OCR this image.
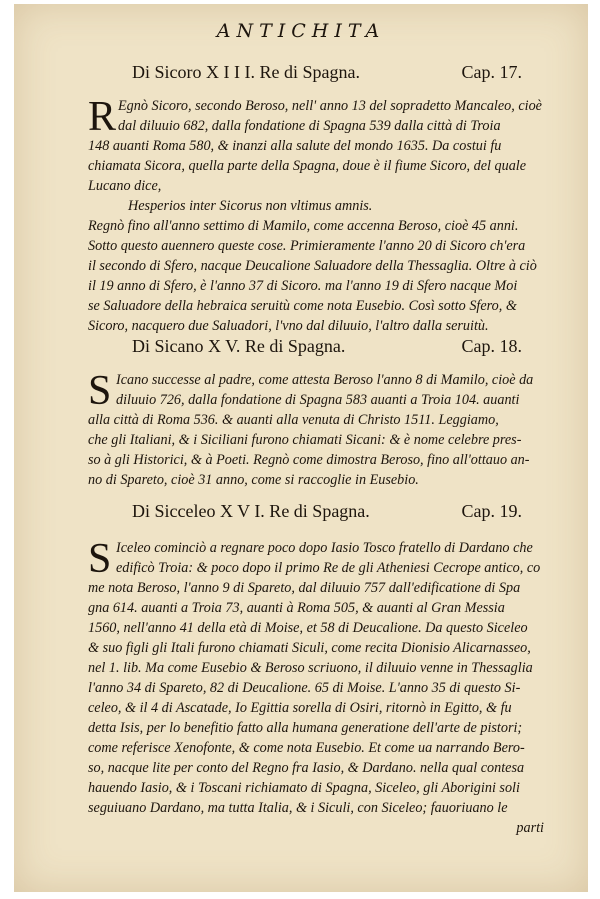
ANTICHITA
Di Sicoro X I I I. Re di Spagna.	Cap. 17.
R Egnò Sicoro, secondo Beroso, nell' anno 13 del sopradetto Mancaleo, cioè
dal diluuio 682, dalla fondatione di Spagna 539 dalla città di Troia
148 auanti Roma 580, & inanzi alla salute del mondo 1635. Da costui fu
chiamata Sicora, quella parte della Spagna, doue è il fiume Sicoro, del quale
Lucano dice,
Hesperios inter Sicorus non vltimus amnis.
Regnò fino all'anno settimo di Mamilo, come accenna Beroso, cioè 45 anni.
Sotto questo auennero queste cose. Primieramente l'anno 20 di Sicoro ch'era
il secondo di Sfero, nacque Deucalione Saluadore della Thessaglia. Oltre à ciò
il 19 anno di Sfero, è l'anno 37 di Sicoro. ma l'anno 19 di Sfero nacque Moi
se Saluadore della hebraica seruitù come nota Eusebio. Così sotto Sfero, &
Sicoro, nacquero due Saluadori, l'vno dal diluuio, l'altro dalla seruitù.
Di Sicano X V. Re di Spagna.	Cap. 18.
S Icano successe al padre, come attesta Beroso l'anno 8 di Mamilo, cioè da
diluuio 726, dalla fondatione di Spagna 583 auanti a Troia 104. auanti
alla città di Roma 536. & auanti alla venuta di Christo 1511. Leggiamo,
che gli Italiani, & i Siciliani furono chiamati Sicani: & è nome celebre pres-
so à gli Historici, & à Poeti. Regnò come dimostra Beroso, fino all'ottauo an-
no di Spareto, cioè 31 anno, come si raccoglie in Eusebio.
Di Sicceleo X V I. Re di Spagna.	Cap. 19.
S Iceleo cominciò a regnare poco dopo Iasio Tosco fratello di Dardano che
edificò Troia: & poco dopo il primo Re de gli Atheniesi Cecrope antico, co
me nota Beroso, l'anno 9 di Spareto, dal diluuio 757 dall'edificatione di Spa
gna 614. auanti a Troia 73, auanti à Roma 505, & auanti al Gran Messia
1560, nell'anno 41 della età di Moise, et 58 di Deucalione. Da questo Siceleo
& suo figli gli Itali furono chiamati Siculi, come recita Dionisio Alicarnasseo,
nel 1. lib. Ma come Eusebio & Beroso scriuono, il diluuio venne in Thessaglia
l'anno 34 di Spareto, 82 di Deucalione. 65 di Moise. L'anno 35 di questo Si-
celeo, & il 4 di Ascatade, Io Egittia sorella di Osiri, ritornò in Egitto, & fu
detta Isis, per lo benefitio fatto alla humana generatione dell'arte de pistori;
come referisce Xenofonte, & come nota Eusebio. Et come ua narrando Bero-
so, nacque lite per conto del Regno fra Iasio, & Dardano. nella qual contesa
hauendo Iasio, & i Toscani richiamato di Spagna, Siceleo, gli Aborigini soli
seguiuano Dardano, ma tutta Italia, & i Siculi, con Siceleo; fauoriuano le
parti
